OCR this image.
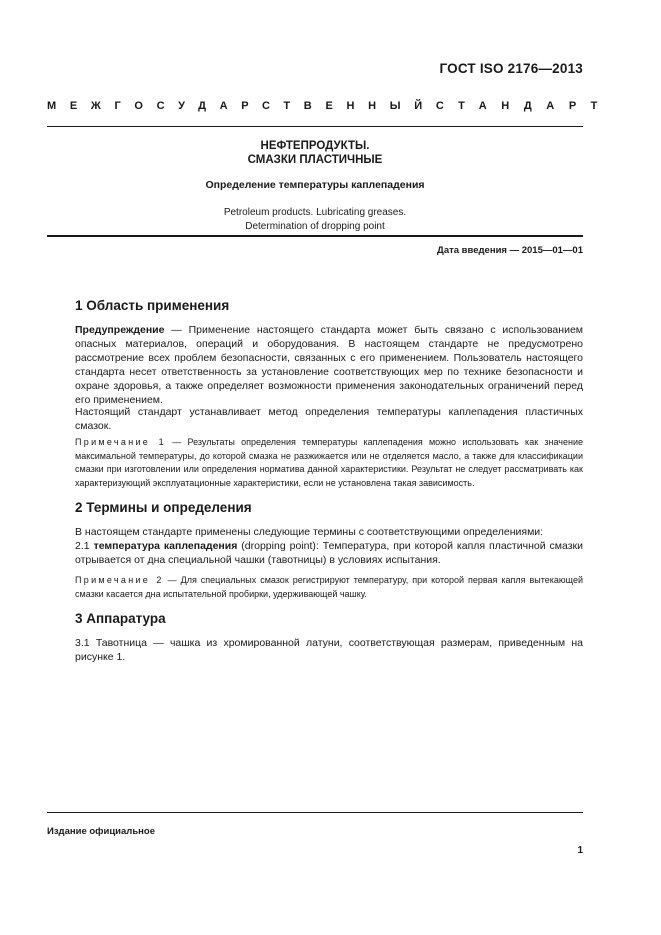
ГОСТ ISO 2176—2013
МЕЖГОСУДАРСТВЕННЫЙ СТАНДАРТ
НЕФТЕПРОДУКТЫ.
СМАЗКИ ПЛАСТИЧНЫЕ
Определение температуры каплепадения
Petroleum products. Lubricating greases.
Determination of dropping point
Дата введения — 2015—01—01
1 Область применения

Предупреждение — Применение настоящего стандарта может быть связано с использованием опасных материалов, операций и оборудования. В настоящем стандарте не предусмотрено рассмотрение всех проблем безопасности, связанных с его применением. Пользователь настоящего стандарта несет ответственность за установление соответствующих мер по технике безопасности и охране здоровья, а также определяет возможности применения законодательных ограничений перед его применением.

Настоящий стандарт устанавливает метод определения температуры каплепадения пластичных смазок.

Примечание 1 — Результаты определения температуры каплепадения можно использовать как значение максимальной температуры, до которой смазка не разжижается или не отделяется масло, а также для классификации смазки при изготовлении или определения норматива данной характеристики. Результат не следует рассматривать как характеризующий эксплуатационные характеристики, если не установлена такая зависимость.

2 Термины и определения

В настоящем стандарте применены следующие термины с соответствующими определениями:

2.1 температура каплепадения (dropping point): Температура, при которой капля пластичной смазки отрывается от дна специальной чашки (тавотницы) в условиях испытания.

Примечание 2 — Для специальных смазок регистрируют температуру, при которой первая капля вытекающей смазки касается дна испытательной пробирки, удерживающей чашку.

3 Аппаратура

3.1 Тавотница — чашка из хромированной латуни, соответствующая размерам, приведенным на рисунке 1.

Издание официальное
1
